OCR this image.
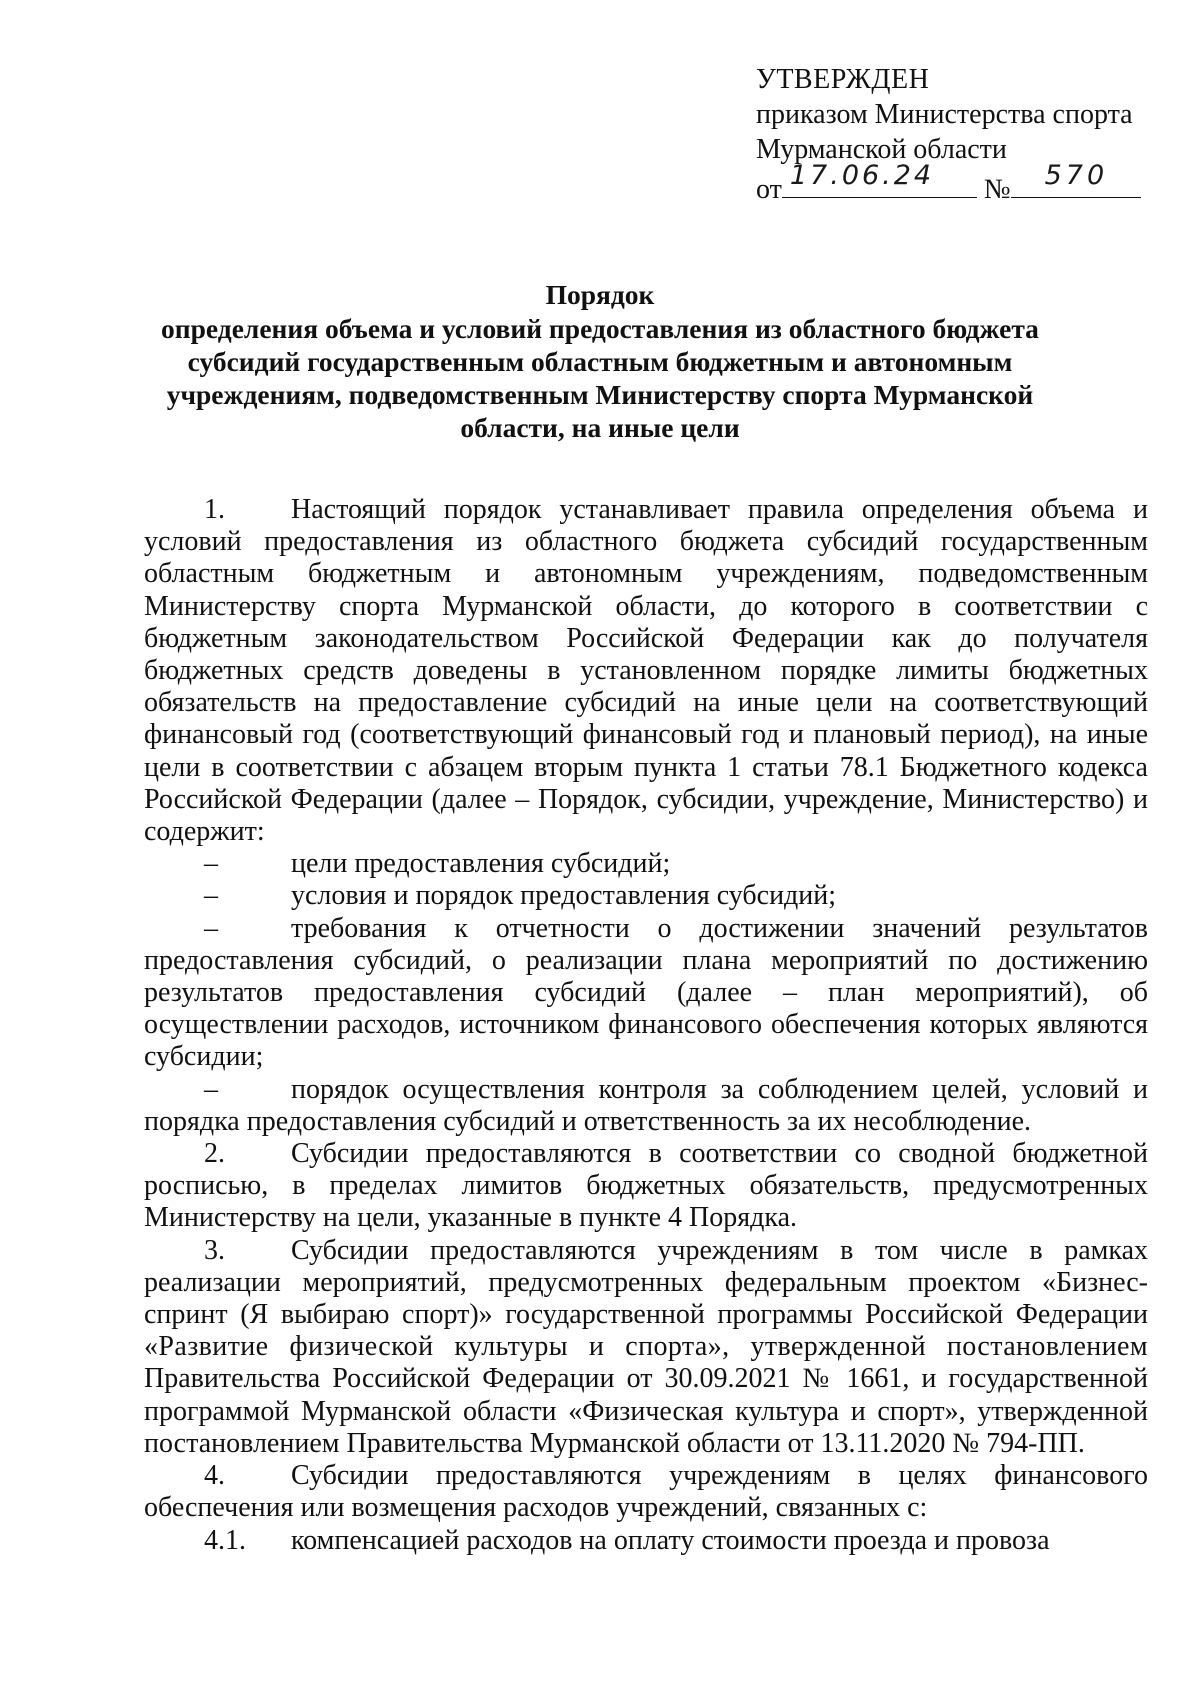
УТВЕРЖДЕН
приказом Министерства спорта
Мурманской области
от 17.06.24 № 570
Порядок
определения объема и условий предоставления из областного бюджета субсидий государственным областным бюджетным и автономным учреждениям, подведомственным Министерству спорта Мурманской области, на иные цели

1. Настоящий порядок устанавливает правила определения объема и условий предоставления из областного бюджета субсидий государственным областным бюджетным и автономным учреждениям, подведомственным Министерству спорта Мурманской области, до которого в соответствии с бюджетным законодательством Российской Федерации как до получателя бюджетных средств доведены в установленном порядке лимиты бюджетных обязательств на предоставление субсидий на иные цели на соответствующий финансовый год (соответствующий финансовый год и плановый период), на иные цели в соответствии с абзацем вторым пункта 1 статьи 78.1 Бюджетного кодекса Российской Федерации (далее – Порядок, субсидии, учреждение, Министерство) и содержит:

–	цели предоставления субсидий;

–	условия и порядок предоставления субсидий;

–	требования к отчетности о достижении значений результатов предоставления субсидий, о реализации плана мероприятий по достижению результатов предоставления субсидий (далее – план мероприятий), об осуществлении расходов, источником финансового обеспечения которых являются субсидии;

–	порядок осуществления контроля за соблюдением целей, условий и порядка предоставления субсидий и ответственность за их несоблюдение.

2. Субсидии предоставляются в соответствии со сводной бюджетной росписью, в пределах лимитов бюджетных обязательств, предусмотренных Министерству на цели, указанные в пункте 4 Порядка.

3. Субсидии предоставляются учреждениям в том числе в рамках реализации мероприятий, предусмотренных федеральным проектом «Бизнес-спринт (Я выбираю спорт)» государственной программы Российской Федерации «Развитие физической культуры и спорта», утвержденной постановлением Правительства Российской Федерации от 30.09.2021 № 1661, и государственной программой Мурманской области «Физическая культура и спорт», утвержденной постановлением Правительства Мурманской области от 13.11.2020 № 794-ПП.

4. Субсидии предоставляются учреждениям в целях финансового обеспечения или возмещения расходов учреждений, связанных с:

4.1. компенсацией расходов на оплату стоимости проезда и провоза
